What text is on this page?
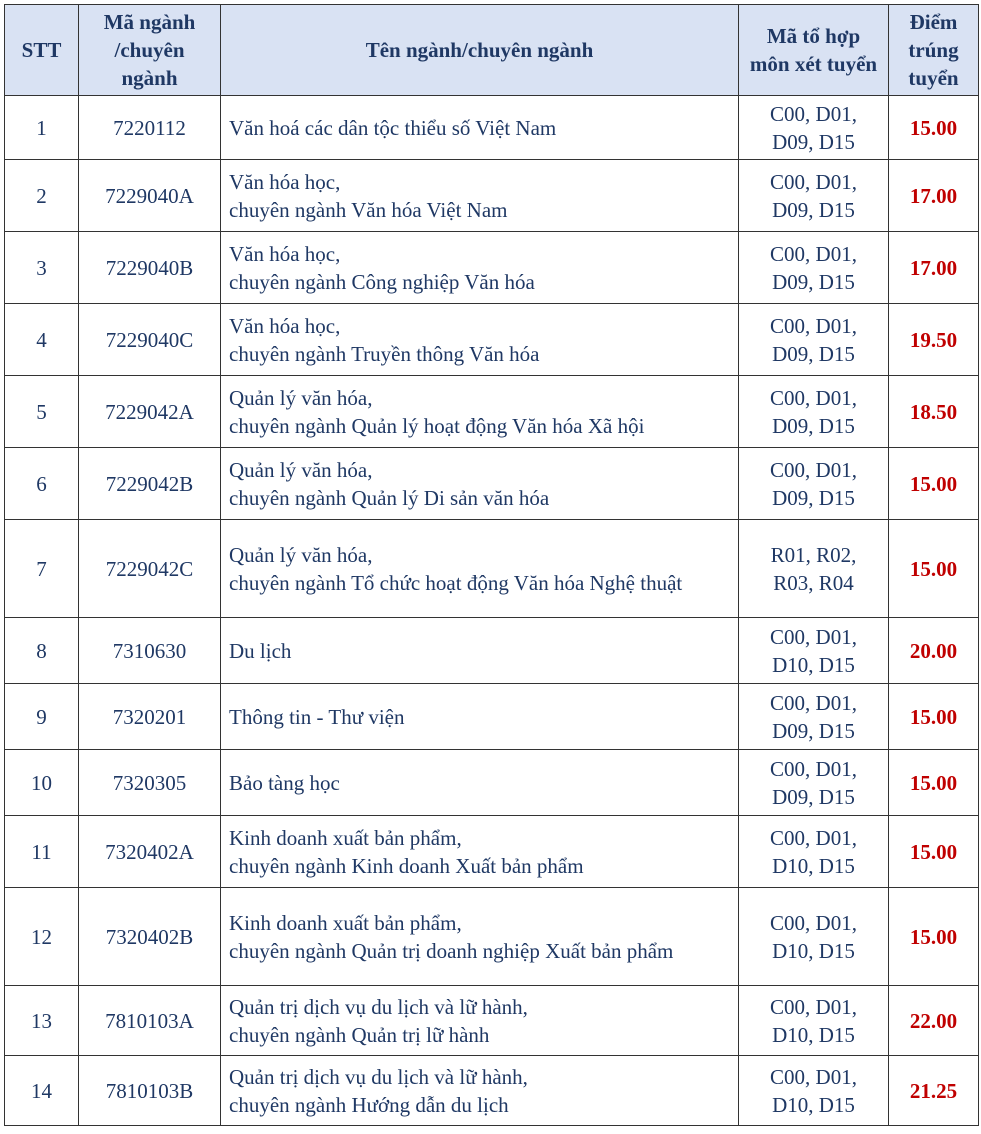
STT	Mã ngành
/chuyên
ngành	Tên ngành/chuyên ngành	Mã tổ hợp
môn xét tuyển	Điểm
trúng
tuyển

1	7220112	Văn hoá các dân tộc thiểu số Việt Nam	C00, D01,
D09, D15	15.00
2	7229040A	Văn hóa học,
chuyên ngành Văn hóa Việt Nam	C00, D01,
D09, D15	17.00
3	7229040B	Văn hóa học,
chuyên ngành Công nghiệp Văn hóa	C00, D01,
D09, D15	17.00
4	7229040C	Văn hóa học,
chuyên ngành Truyền thông Văn hóa	C00, D01,
D09, D15	19.50
5	7229042A	Quản lý văn hóa,
chuyên ngành Quản lý hoạt động Văn hóa Xã hội	C00, D01,
D09, D15	18.50
6	7229042B	Quản lý văn hóa,
chuyên ngành Quản lý Di sản văn hóa	C00, D01,
D09, D15	15.00
7	7229042C	Quản lý văn hóa,
chuyên ngành Tổ chức hoạt động Văn hóa Nghệ thuật	R01, R02,
R03, R04	15.00
8	7310630	Du lịch	C00, D01,
D10, D15	20.00
9	7320201	Thông tin - Thư viện	C00, D01,
D09, D15	15.00
10	7320305	Bảo tàng học	C00, D01,
D09, D15	15.00
11	7320402A	Kinh doanh xuất bản phẩm,
chuyên ngành Kinh doanh Xuất bản phẩm	C00, D01,
D10, D15	15.00
12	7320402B	Kinh doanh xuất bản phẩm,
chuyên ngành Quản trị doanh nghiệp Xuất bản phẩm	C00, D01,
D10, D15	15.00
13	7810103A	Quản trị dịch vụ du lịch và lữ hành,
chuyên ngành Quản trị lữ hành	C00, D01,
D10, D15	22.00
14	7810103B	Quản trị dịch vụ du lịch và lữ hành,
chuyên ngành Hướng dẫn du lịch	C00, D01,
D10, D15	21.25
